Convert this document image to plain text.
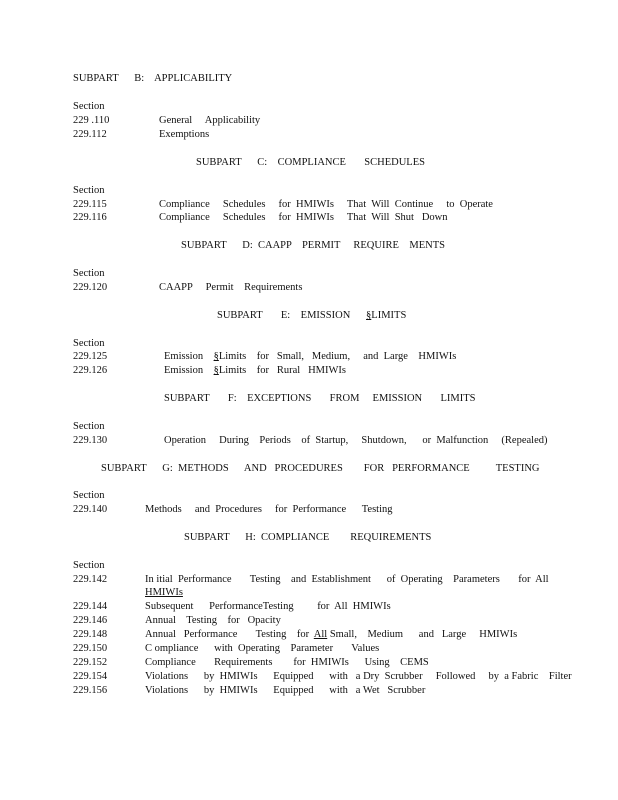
SUBPART      B:    APPLICABILITY
Section
229 .110	General     Applicability
229.112	Exemptions
SUBPART      C:    COMPLIANCE       SCHEDULES
Section
229.115	Compliance     Schedules     for  HMIWIs     That  Will  Continue     to  Operate
229.116	Compliance     Schedules     for  HMIWIs     That  Will  Shut   Down
SUBPART      D:  CAAPP    PERMIT     REQUIRE    MENTS
Section
229.120	CAAPP     Permit    Requirements
SUBPART       E:    EMISSION      §LIMITS
Section
229.125	Emission    §Limits    for   Small,   Medium,     and  Large    HMIWIs
229.126	Emission    §Limits    for   Rural   HMIWIs
SUBPART       F:    EXCEPTIONS       FROM     EMISSION       LIMITS
Section
229.130	Operation     During    Periods    of  Startup,     Shutdown,      or  Malfunction     (Repealed)
SUBPART      G:  METHODS      AND   PROCEDURES        FOR   PERFORMANCE          TESTING
Section
229.140	Methods     and  Procedures     for  Performance      Testing
SUBPART      H:  COMPLIANCE        REQUIREMENTS
Section
229.142	In itial  Performance       Testing    and  Establishment      of  Operating    Parameters       for  All
HMIWIs
229.144	Subsequent      PerformanceTesting         for  All  HMIWIs
229.146	Annual    Testing    for   Opacity
229.148	Annual   Performance       Testing    for  All Small,    Medium      and   Large     HMIWIs
229.150	C ompliance      with  Operating    Parameter       Values
229.152	Compliance       Requirements        for  HMIWIs      Using    CEMS
229.154	Violations      by  HMIWIs      Equipped      with   a Dry  Scrubber     Followed     by  a Fabric    Filter
229.156	Violations      by  HMIWIs      Equipped      with   a Wet   Scrubber
